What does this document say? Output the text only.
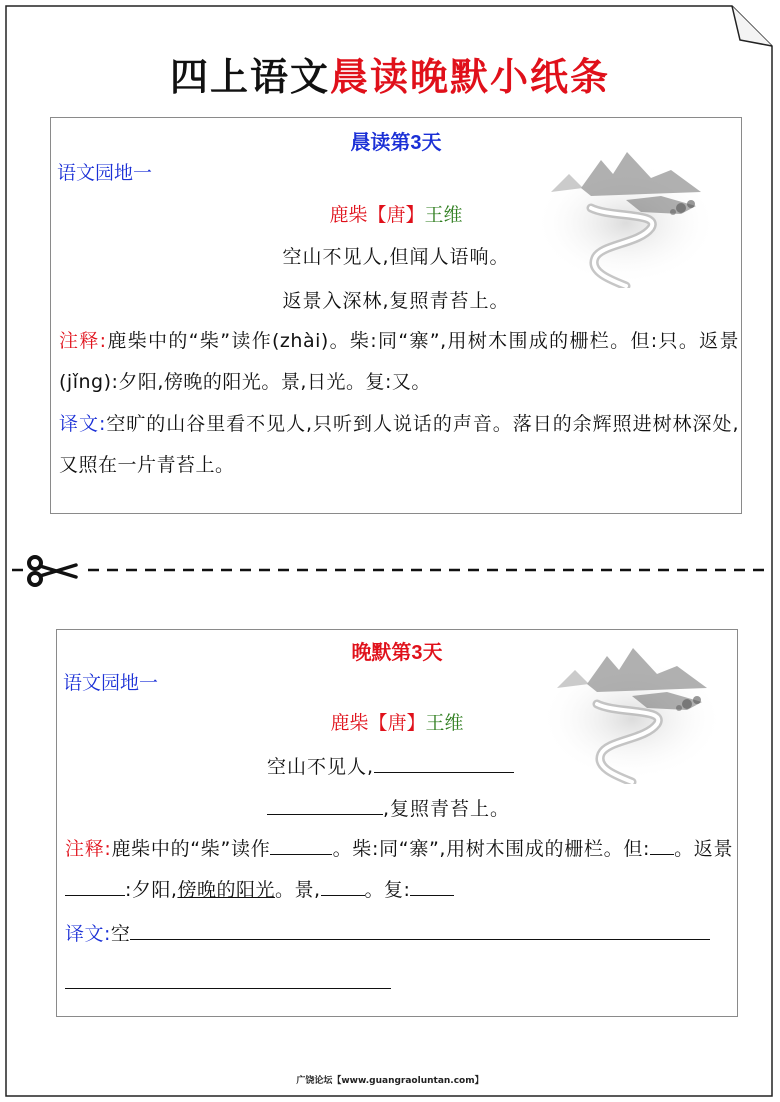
四上语文晨读晚默小纸条
晨读第3天
语文园地一
鹿柴【唐】王维
空山不见人,但闻人语响。
返景入深林,复照青苔上。
注释:鹿柴中的“柴”读作(zhài)。柴:同“寨”,用树木围成的栅栏。但:只。返景(jǐng):夕阳,傍晚的阳光。景,日光。复:又。
译文:空旷的山谷里看不见人,只听到人说话的声音。落日的余辉照进树林深处,又照在一片青苔上。
晚默第3天
语文园地一
鹿柴【唐】王维
空山不见人,
,复照青苔上。
注释:鹿柴中的“柴”读作	。柴:同“寨”,用树木围成的栅栏。但: 。返景:夕阳,傍晚的阳光。景, 。复:
译文:空
广饶论坛【www.guangraoluntan.com】
